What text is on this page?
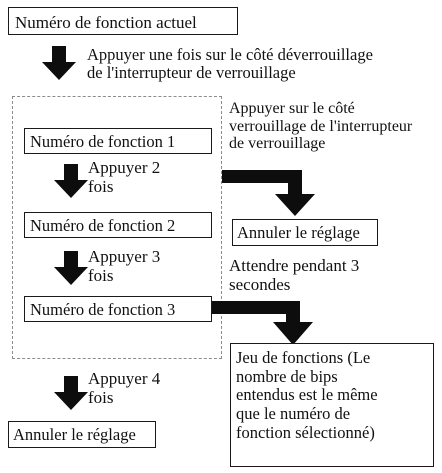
Numéro de fonction actuel
Appuyer une fois sur le côté déverrouillage
de l'interrupteur de verrouillage
Numéro de fonction 1
Appuyer 2
fois
Numéro de fonction 2
Appuyer 3
fois
Numéro de fonction 3
Appuyer sur le côté
verrouillage de l'interrupteur
de verrouillage
Annuler le réglage
Attendre pendant 3
secondes
Jeu de fonctions (Le
nombre de bips
entendus est le même
que le numéro de
fonction sélectionné)
Appuyer 4
fois
Annuler le réglage
